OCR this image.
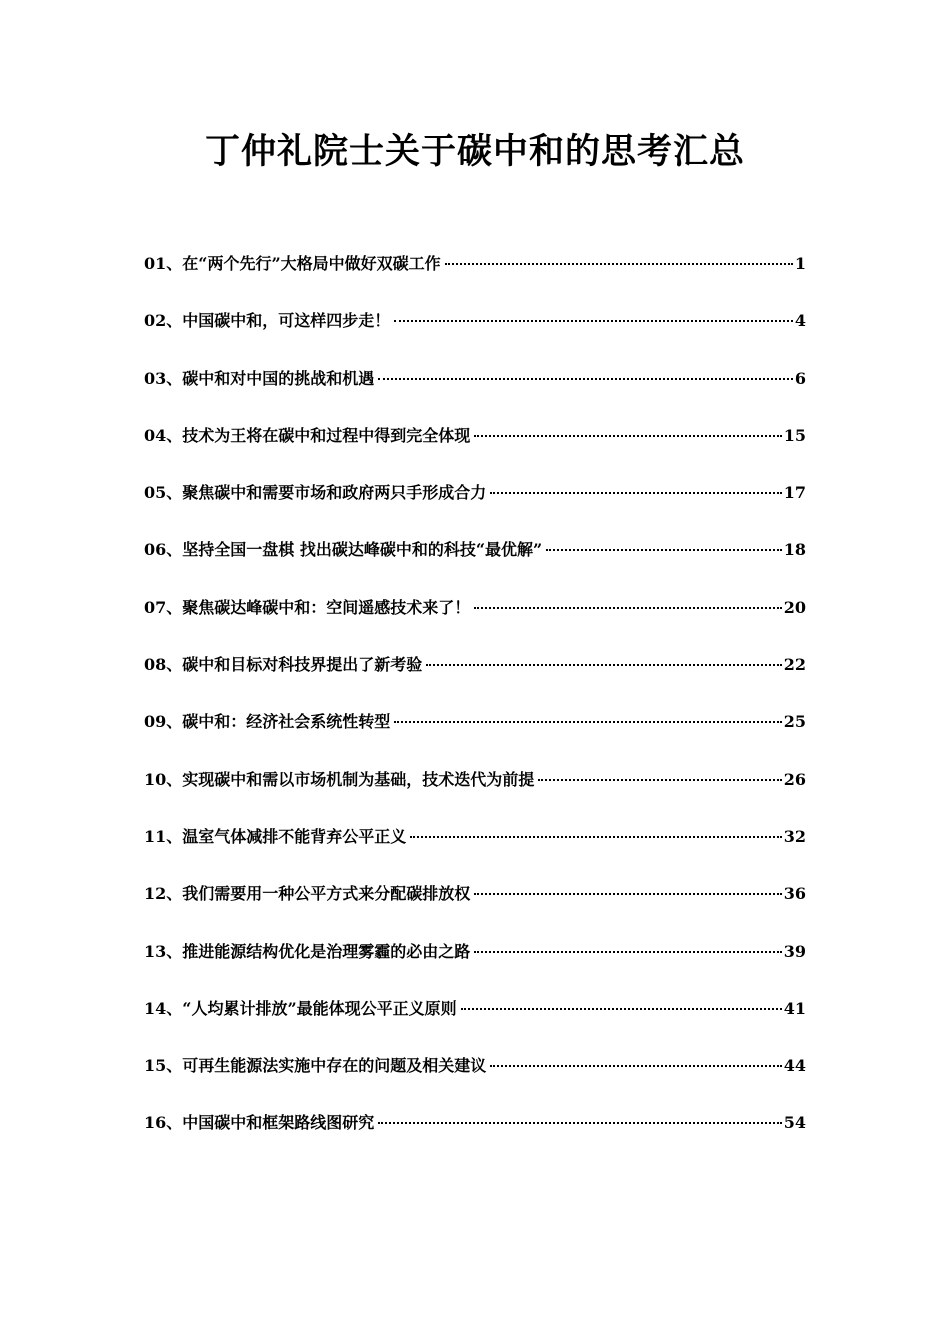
丁仲礼院士关于碳中和的思考汇总
01、在“两个先行”大格局中做好双碳工作	1
02、中国碳中和，可这样四步走！	4
03、碳中和对中国的挑战和机遇	6
04、技术为王将在碳中和过程中得到完全体现	15
05、聚焦碳中和需要市场和政府两只手形成合力	17
06、坚持全国一盘棋 找出碳达峰碳中和的科技“最优解”	18
07、聚焦碳达峰碳中和：空间遥感技术来了！	20
08、碳中和目标对科技界提出了新考验	22
09、碳中和：经济社会系统性转型	25
10、实现碳中和需以市场机制为基础，技术迭代为前提	26
11、温室气体减排不能背弃公平正义	32
12、我们需要用一种公平方式来分配碳排放权	36
13、推进能源结构优化是治理雾霾的必由之路	39
14、“人均累计排放”最能体现公平正义原则	41
15、可再生能源法实施中存在的问题及相关建议	44
16、中国碳中和框架路线图研究	54
